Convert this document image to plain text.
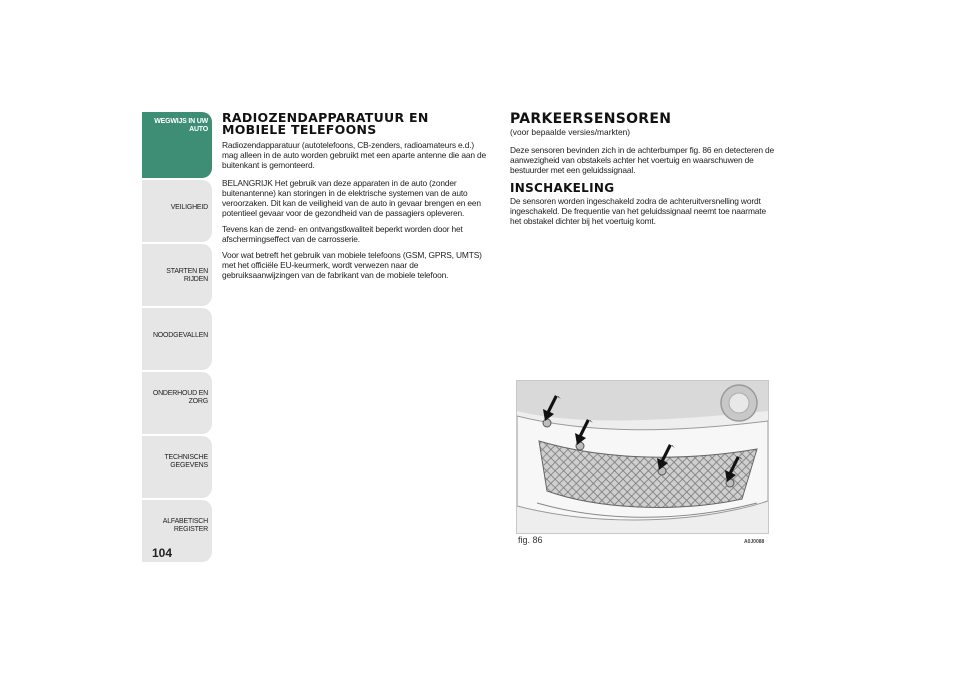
WEGWIJS IN UW
AUTO
VEILIGHEID
STARTEN EN RIJDEN
NOODGEVALLEN
ONDERHOUD EN
ZORG
TECHNISCHE
GEGEVENS
ALFABETISCH
REGISTER
104
RADIOZENDAPPARATUUR EN MOBIELE TELEFOONS

Radiozendapparatuur (autotelefoons, CB-zenders, radioamateurs e.d.) mag alleen in de auto worden gebruikt met een aparte antenne die aan de buitenkant is gemonteerd.

BELANGRIJK Het gebruik van deze apparaten in de auto (zonder buitenantenne) kan storingen in de elektrische systemen van de auto veroorzaken. Dit kan de veiligheid van de auto in gevaar brengen en een potentieel gevaar voor de gezondheid van de passagiers opleveren.

Tevens kan de zend- en ontvangstkwaliteit beperkt worden door het afschermingseffect van de carrosserie.

Voor wat betreft het gebruik van mobiele telefoons (GSM, GPRS, UMTS) met het officiële EU-keurmerk, wordt verwezen naar de gebruiksaanwijzingen van de fabrikant van de mobiele telefoon.

PARKEERSENSOREN

(voor bepaalde versies/markten)

Deze sensoren bevinden zich in de achterbumper fig. 86 en detecteren de aanwezigheid van obstakels achter het voertuig en waarschuwen de bestuurder met een geluidssignaal.

INSCHAKELING

De sensoren worden ingeschakeld zodra de achteruitversnelling wordt ingeschakeld. De frequentie van het geluidssignaal neemt toe naarmate het obstakel dichter bij het voertuig komt.

fig. 86	A0J0088
